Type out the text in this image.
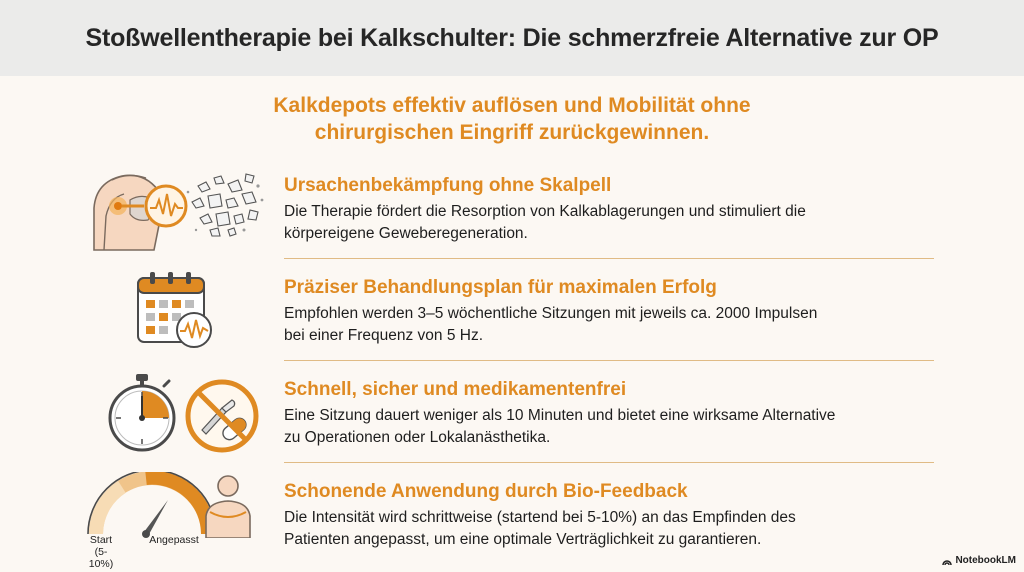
Stoßwellentherapie bei Kalkschulter: Die schmerzfreie Alternative zur OP
Kalkdepots effektiv auflösen und Mobilität ohne
chirurgischen Eingriff zurückgewinnen.
Ursachenbekämpfung ohne Skalpell
Die Therapie fördert die Resorption von Kalkablagerungen und stimuliert die
körpereigene Geweberegeneration.
Präziser Behandlungsplan für maximalen Erfolg
Empfohlen werden 3–5 wöchentliche Sitzungen mit jeweils ca. 2000 Impulsen
bei einer Frequenz von 5 Hz.
Schnell, sicher und medikamentenfrei
Eine Sitzung dauert weniger als 10 Minuten und bietet eine wirksame Alternative
zu Operationen oder Lokalanästhetika.
Start
(5-10%)
Angepasst
Schonende Anwendung durch Bio-Feedback
Die Intensität wird schrittweise (startend bei 5-10%) an das Empfinden des
Patienten angepasst, um eine optimale Verträglichkeit zu garantieren.
NotebookLM
